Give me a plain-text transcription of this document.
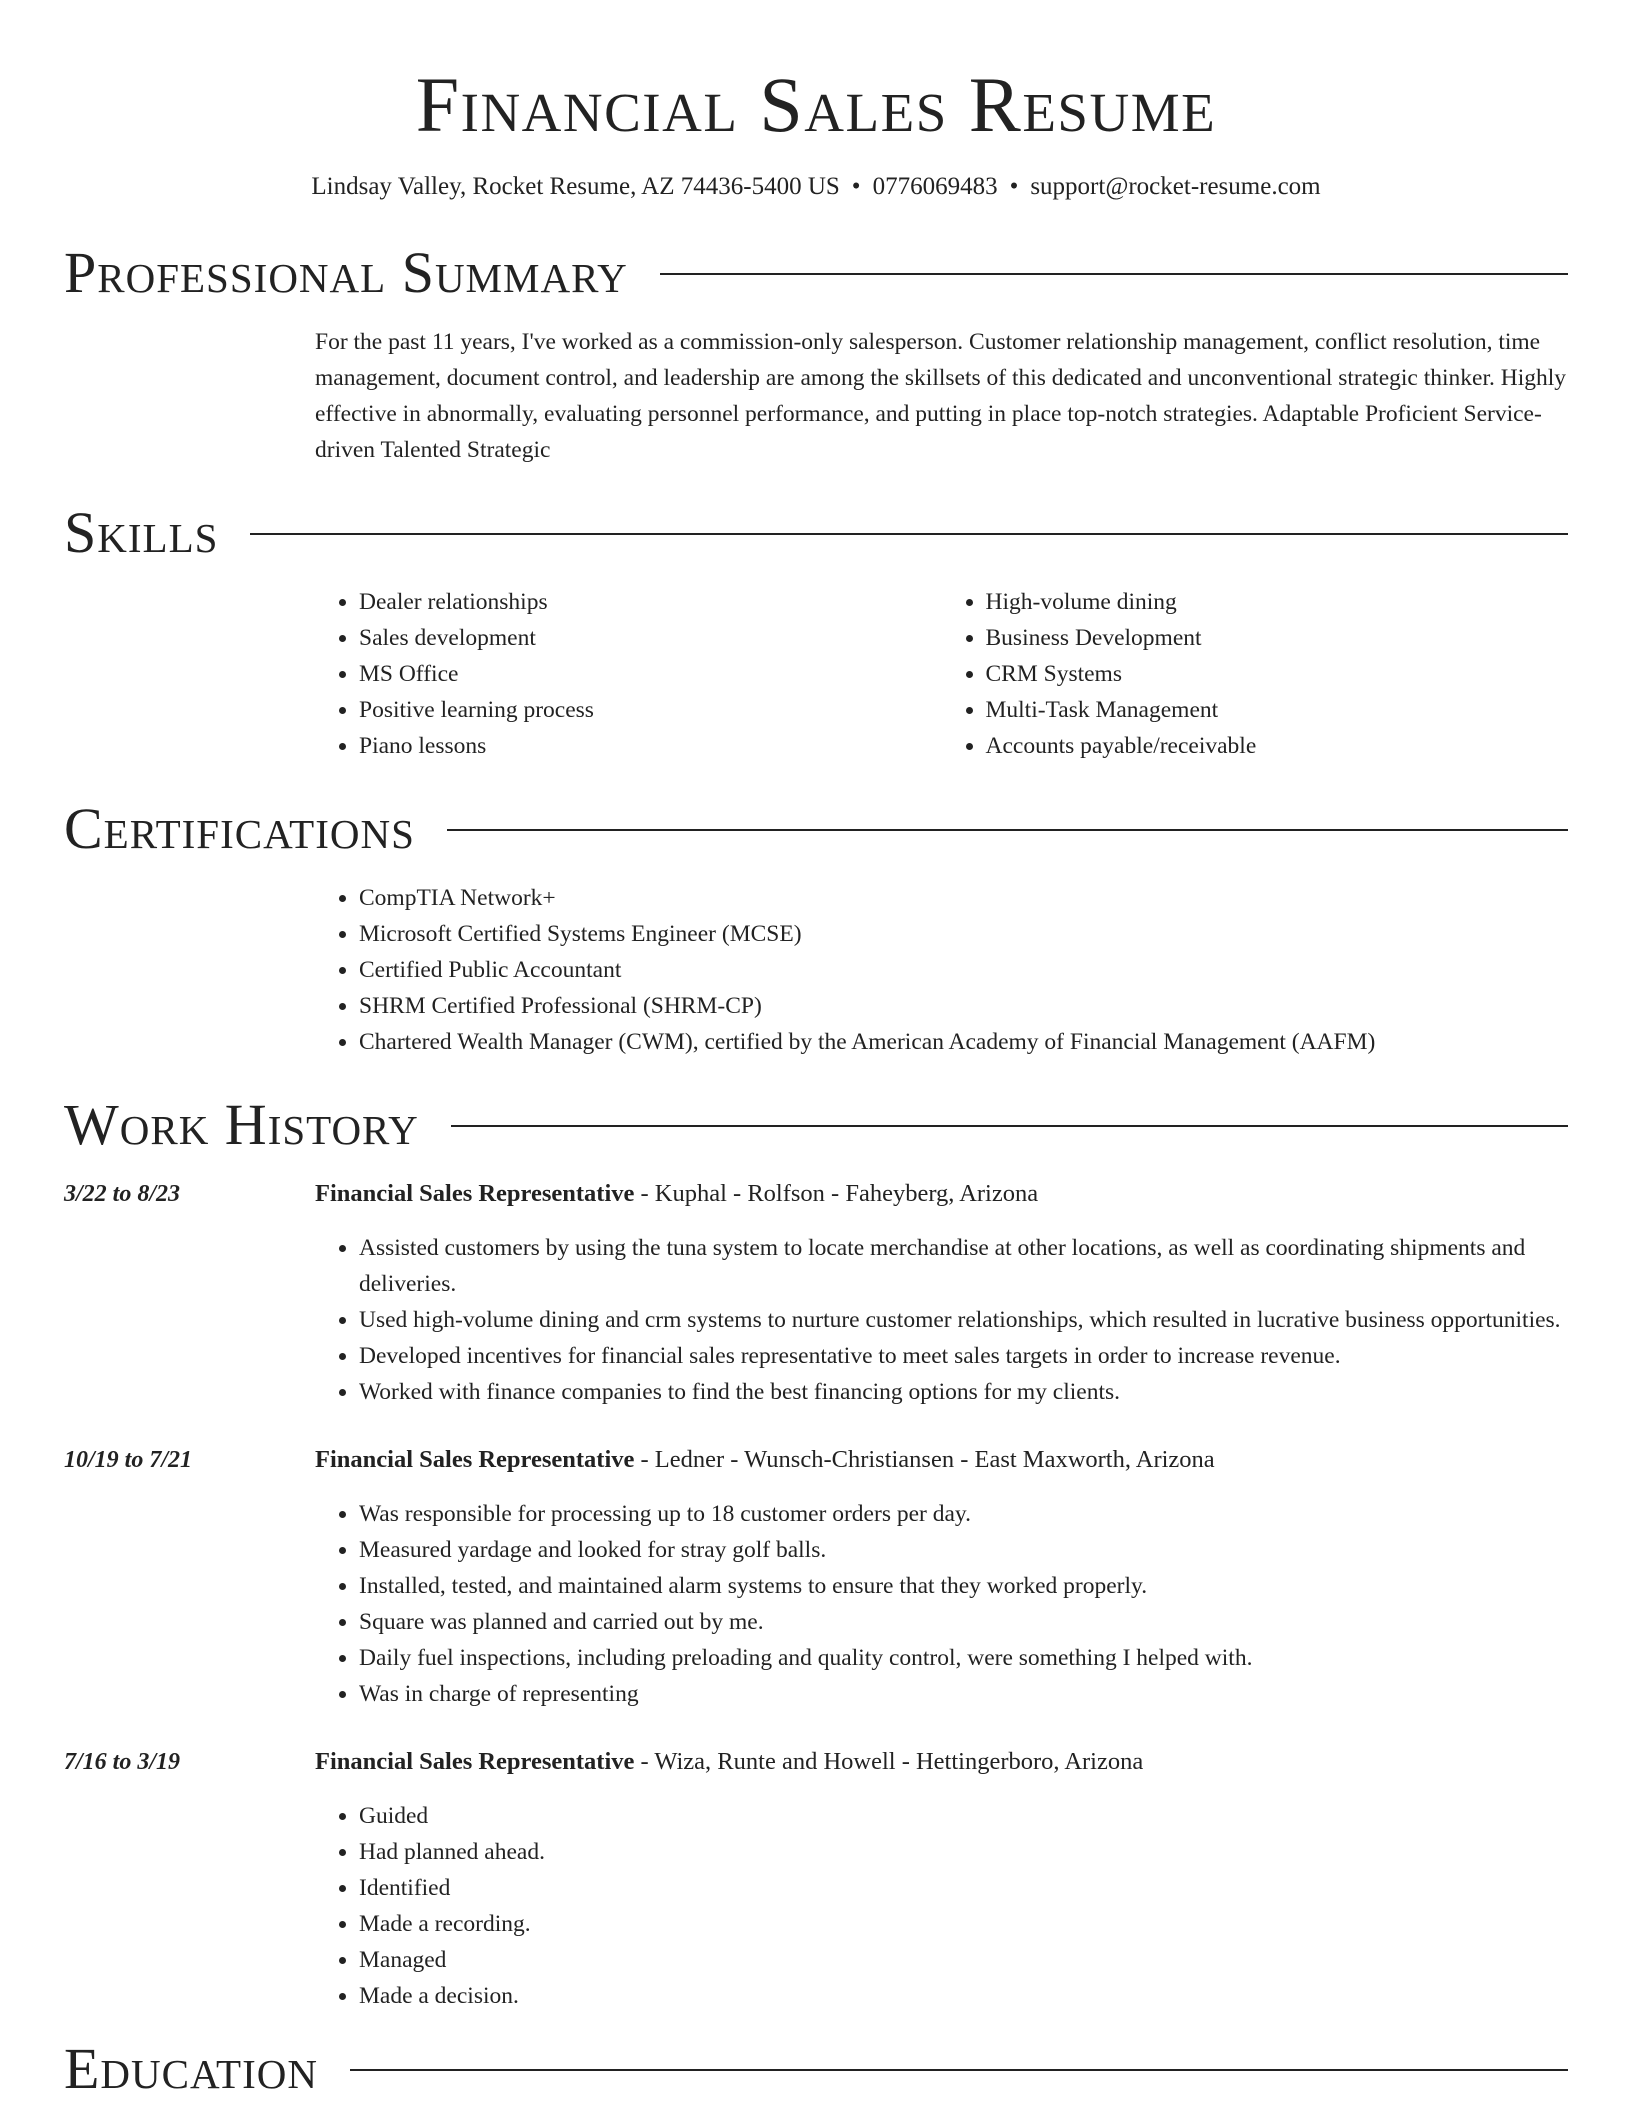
Financial Sales Resume
Lindsay Valley, Rocket Resume, AZ 74436-5400 US • 0776069483 • support@rocket-resume.com
Professional Summary

For the past 11 years, I've worked as a commission-only salesperson. Customer relationship management, conflict resolution, time management, document control, and leadership are among the skillsets of this dedicated and unconventional strategic thinker. Highly effective in abnormally, evaluating personnel performance, and putting in place top-notch strategies. Adaptable Proficient Service-driven Talented Strategic

Skills
• Dealer relationships
• Sales development
• MS Office
• Positive learning process
• Piano lessons
• High-volume dining
• Business Development
• CRM Systems
• Multi-Task Management
• Accounts payable/receivable
Certifications
• CompTIA Network+
• Microsoft Certified Systems Engineer (MCSE)
• Certified Public Accountant
• SHRM Certified Professional (SHRM-CP)
• Chartered Wealth Manager (CWM), certified by the American Academy of Financial Management (AAFM)
Work History
3/22 to 8/23	Financial Sales Representative - Kuphal - Rolfson - Faheyberg, Arizona
• Assisted customers by using the tuna system to locate merchandise at other locations, as well as coordinating shipments and deliveries.
• Used high-volume dining and crm systems to nurture customer relationships, which resulted in lucrative business opportunities.
• Developed incentives for financial sales representative to meet sales targets in order to increase revenue.
• Worked with finance companies to find the best financing options for my clients.
10/19 to 7/21	Financial Sales Representative - Ledner - Wunsch-Christiansen - East Maxworth, Arizona
• Was responsible for processing up to 18 customer orders per day.
• Measured yardage and looked for stray golf balls.
• Installed, tested, and maintained alarm systems to ensure that they worked properly.
• Square was planned and carried out by me.
• Daily fuel inspections, including preloading and quality control, were something I helped with.
• Was in charge of representing
7/16 to 3/19	Financial Sales Representative - Wiza, Runte and Howell - Hettingerboro, Arizona
• Guided
• Had planned ahead.
• Identified
• Made a recording.
• Managed
• Made a decision.
Education
